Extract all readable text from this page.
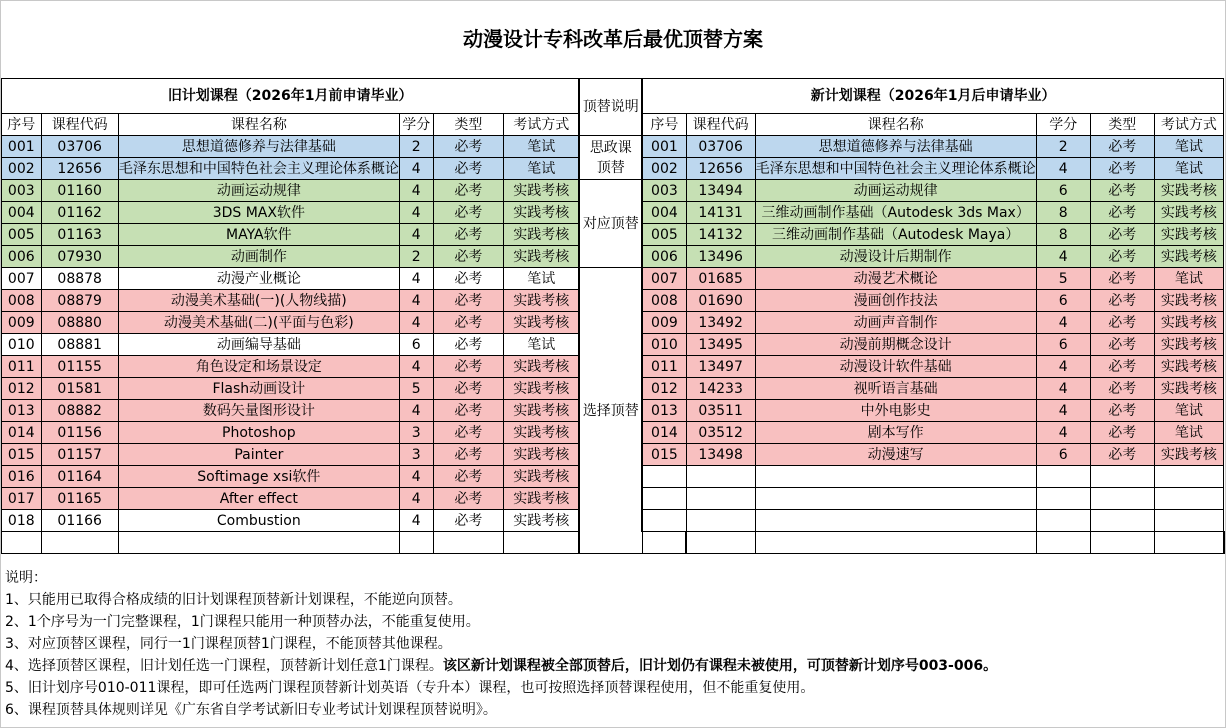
动漫设计专科改革后最优顶替方案
旧计划课程（2026年1月前申请毕业）						顶替说明	新计划课程（2026年1月后申请毕业）						
序号	课程代码	课程名称	学分	类型	考试方式		序号	课程代码	课程名称	学分	类型	考试方式	
001	03706	思想道德修养与法律基础	2	必考	笔试	思政课顶替	001	03706	思想道德修养与法律基础	2	必考	笔试	
002	12656	毛泽东思想和中国特色社会主义理论体系概论	4	必考	笔试		002	12656	毛泽东思想和中国特色社会主义理论体系概论	4	必考	笔试	
003	01160	动画运动规律	4	必考	实践考核	对应顶替	003	13494	动画运动规律	6	必考	实践考核	
004	01162	3DS MAX软件	4	必考	实践考核		004	14131	三维动画制作基础（Autodesk 3ds Max）	8	必考	实践考核	
005	01163	MAYA软件	4	必考	实践考核		005	14132	三维动画制作基础（Autodesk Maya）	8	必考	实践考核	
006	07930	动画制作	2	必考	实践考核		006	13496	动漫设计后期制作	4	必考	实践考核	
007	08878	动漫产业概论	4	必考	笔试	选择顶替	007	01685	动漫艺术概论	5	必考	笔试	
008	08879	动漫美术基础(一)(人物线描)	4	必考	实践考核		008	01690	漫画创作技法	6	必考	实践考核	
009	08880	动漫美术基础(二)(平面与色彩)	4	必考	实践考核		009	13492	动画声音制作	4	必考	实践考核	
010	08881	动画编导基础	6	必考	笔试		010	13495	动漫前期概念设计	6	必考	实践考核	
011	01155	角色设定和场景设定	4	必考	实践考核		011	13497	动漫设计软件基础	4	必考	实践考核	
012	01581	Flash动画设计	5	必考	实践考核		012	14233	视听语言基础	4	必考	实践考核	
013	08882	数码矢量图形设计	4	必考	实践考核		013	03511	中外电影史	4	必考	笔试	
014	01156	Photoshop	3	必考	实践考核		014	03512	剧本写作	4	必考	笔试	
015	01157	Painter	3	必考	实践考核		015	13498	动漫速写	6	必考	实践考核	
016	01164	Softimage xsi软件	4	必考	实践考核								
017	01165	After effect	4	必考	实践考核								
018	01166	Combustion	4	必考	实践考核								

说明：
1、只能用已取得合格成绩的旧计划课程顶替新计划课程，不能逆向顶替。
2、1个序号为一门完整课程，1门课程只能用一种顶替办法，不能重复使用。
3、对应顶替区课程，同行一1门课程顶替1门课程，不能顶替其他课程。
4、选择顶替区课程，旧计划任选一门课程，顶替新计划任意1门课程。该区新计划课程被全部顶替后，旧计划仍有课程未被使用，可顶替新计划序号003-006。
5、旧计划序号010-011课程，即可任选两门课程顶替新计划英语（专升本）课程，也可按照选择顶替课程使用，但不能重复使用。
6、课程顶替具体规则详见《广东省自学考试新旧专业考试计划课程顶替说明》。
